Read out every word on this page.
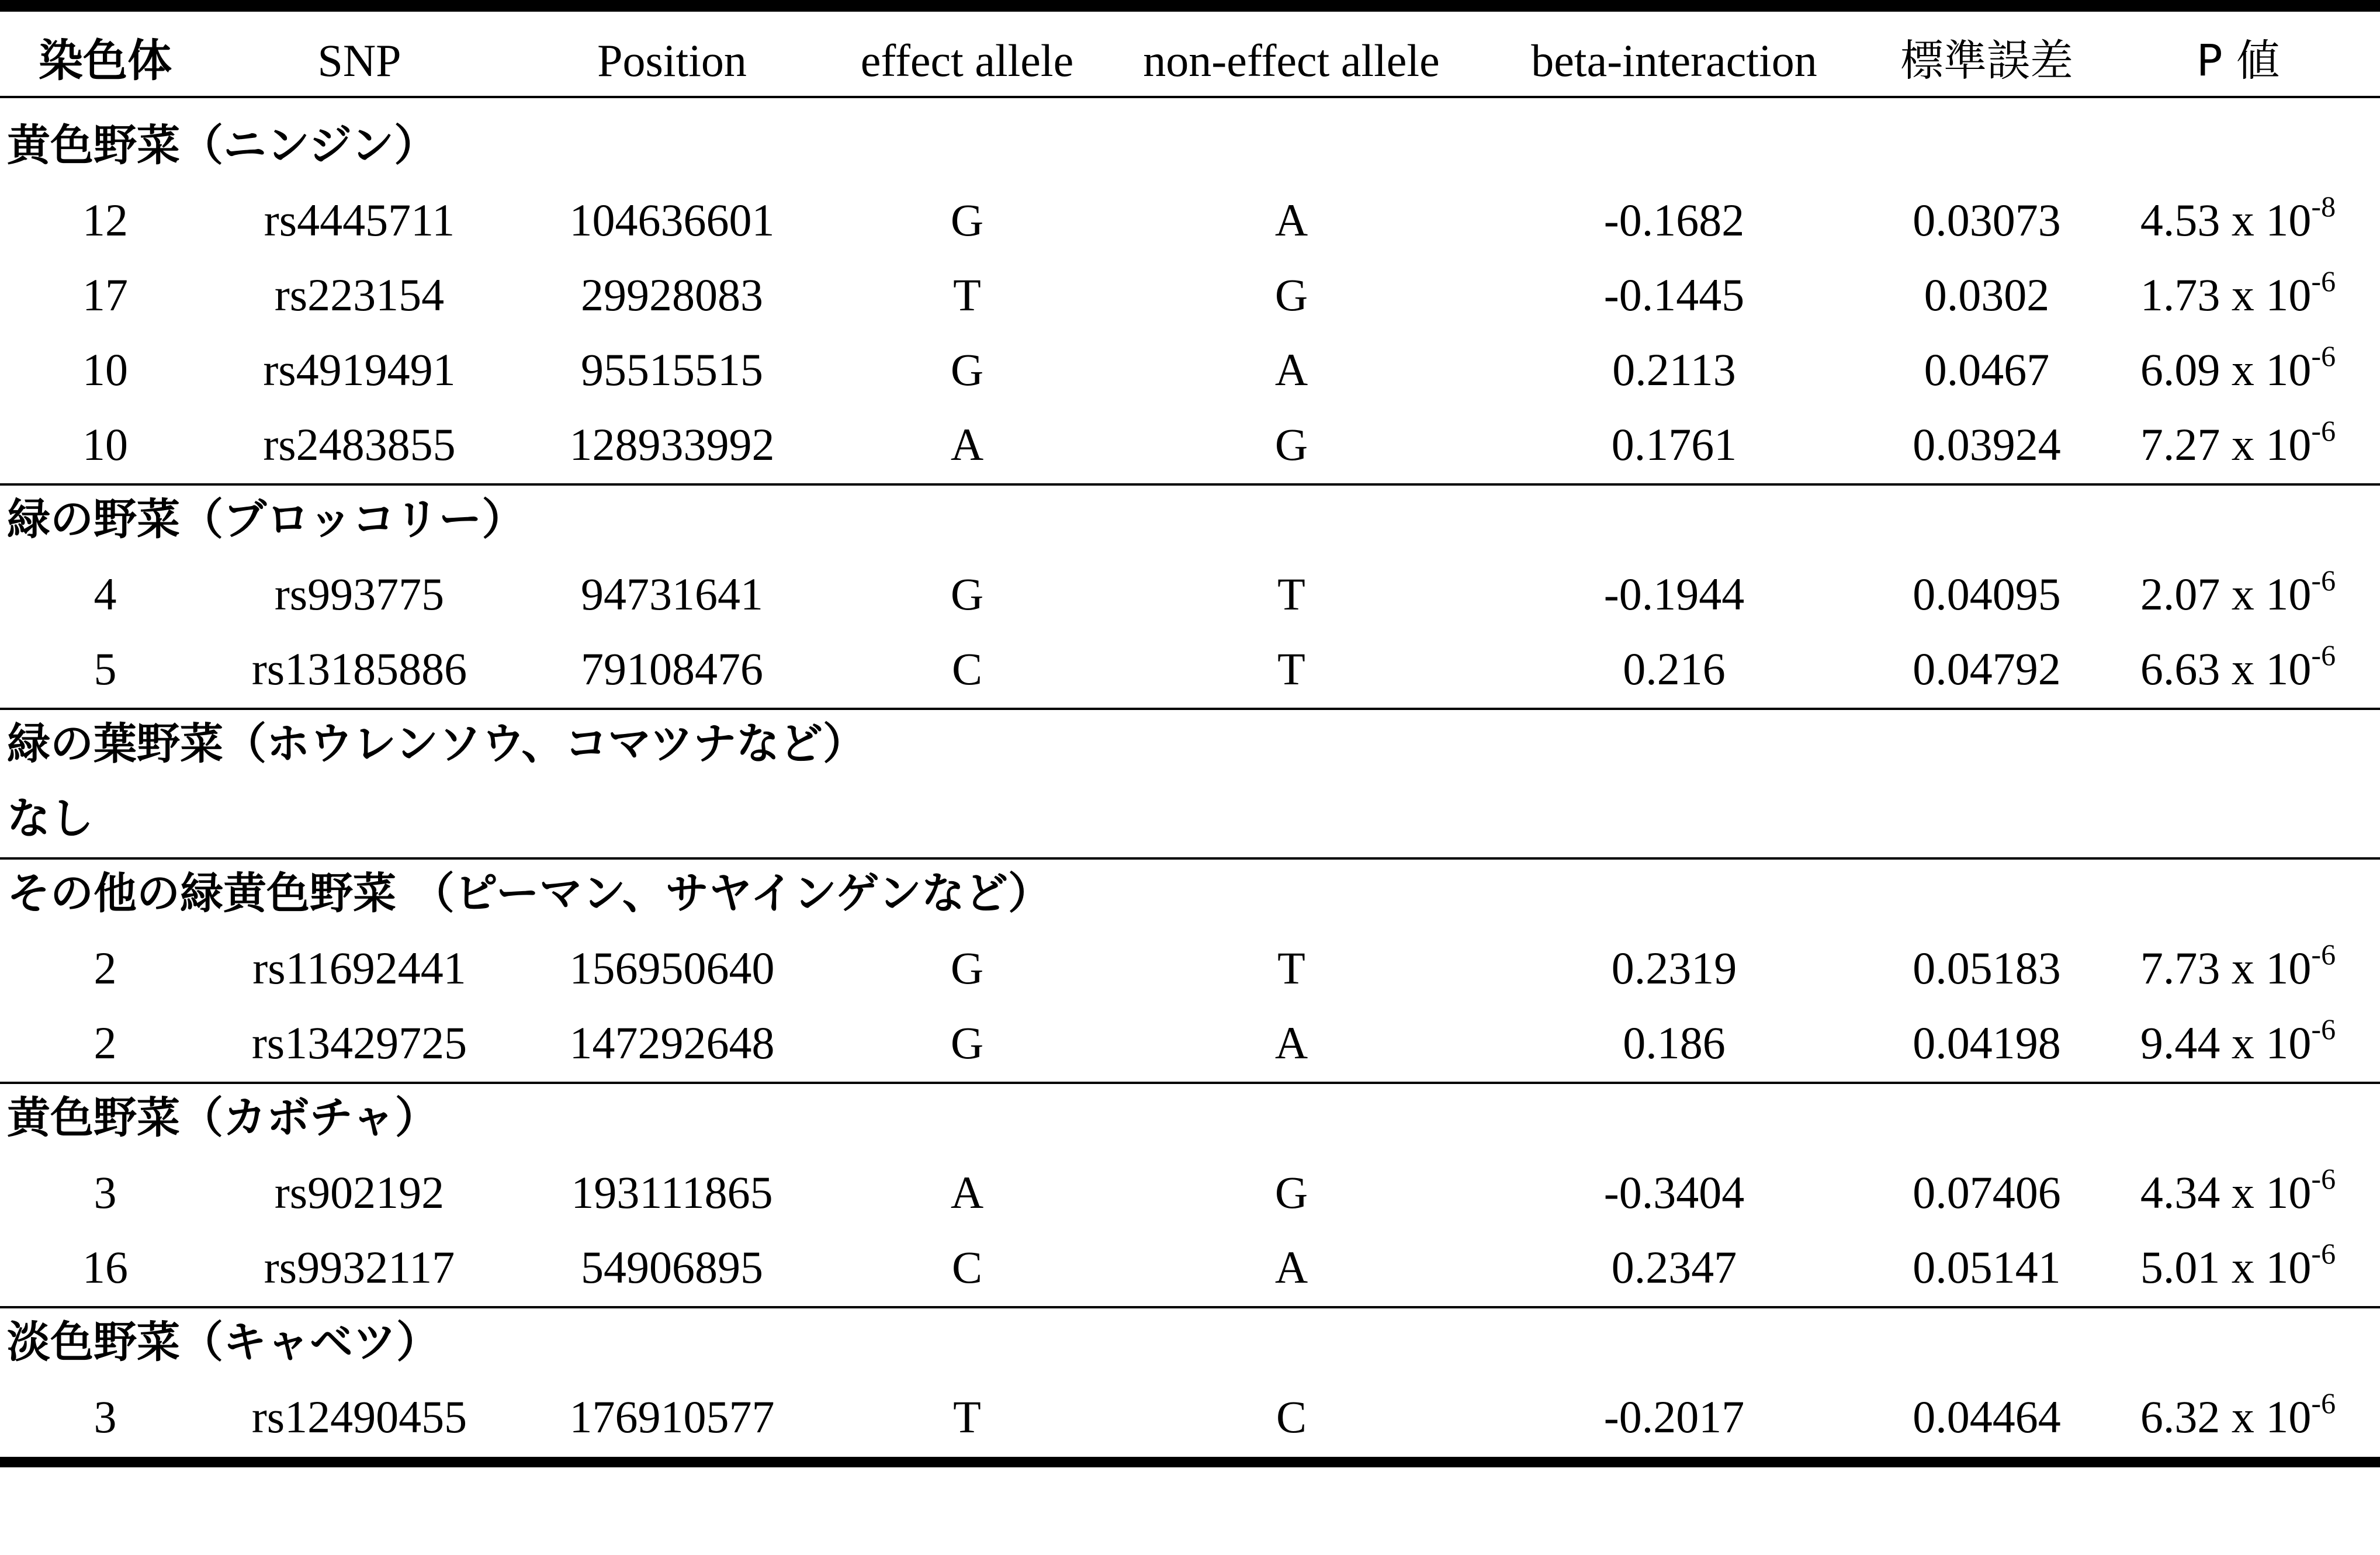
染色体	SNP	Position	effect allele	non-effect allele	beta-interaction	標準誤差	P 値
黄色野菜（ニンジン）
12	rs4445711	104636601	G	A	-0.1682	0.03073	4.53 x $10^{-8}$
17	rs223154	29928083	T	G	-0.1445	0.0302	1.73 x $10^{-6}$
10	rs4919491	95515515	G	A	0.2113	0.0467	6.09 x $10^{-6}$
10	rs2483855	128933992	A	G	0.1761	0.03924	7.27 x $10^{-6}$
緑の野菜（ブロッコリー）
4	rs993775	94731641	G	T	-0.1944	0.04095	2.07 x $10^{-6}$
5	rs13185886	79108476	C	T	0.216	0.04792	6.63 x $10^{-6}$
緑の葉野菜（ホウレンソウ、コマツナなど）
なし
その他の緑黄色野菜 （ピーマン、サヤインゲンなど）
2	rs11692441	156950640	G	T	0.2319	0.05183	7.73 x $10^{-6}$
2	rs13429725	147292648	G	A	0.186	0.04198	9.44 x $10^{-6}$
黄色野菜（カボチャ）
3	rs902192	193111865	A	G	-0.3404	0.07406	4.34 x $10^{-6}$
16	rs9932117	54906895	C	A	0.2347	0.05141	5.01 x $10^{-6}$
淡色野菜（キャベツ）
3	rs12490455	176910577	T	C	-0.2017	0.04464	6.32 x $10^{-6}$
